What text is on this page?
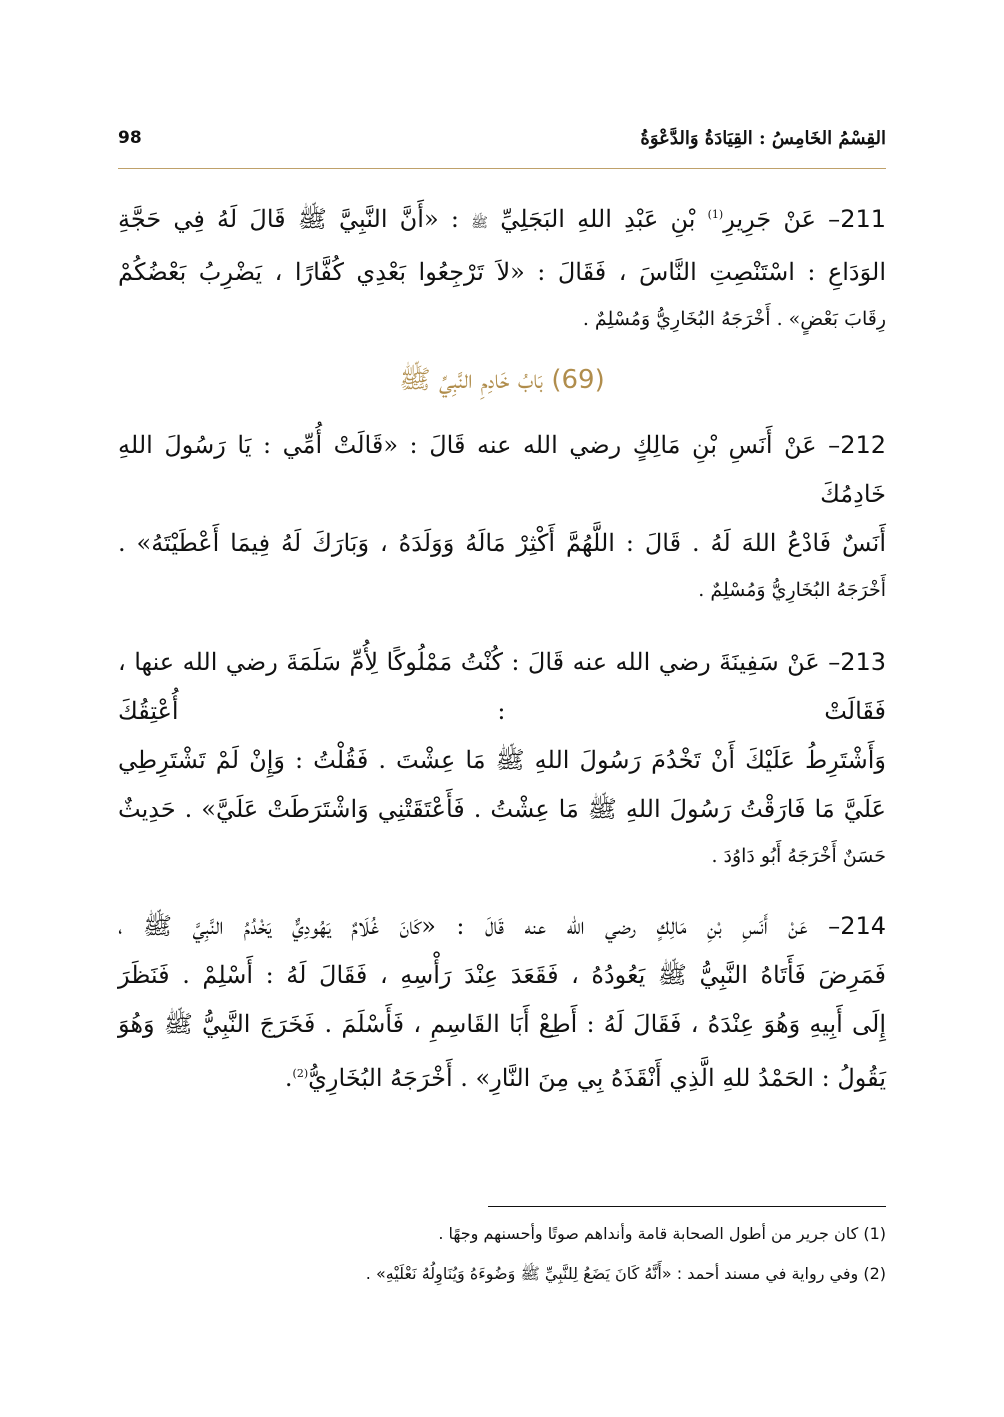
98	القِسْمُ الخَامِسُ : القِيَادَةُ وَالدَّعْوَةُ
211– عَنْ جَرِيرِ$^{(1)}$ بْنِ عَبْدِ اللهِ البَجَلِيِّ ﷺ : «أَنَّ النَّبِيَّ ﷺ قَالَ لَهُ فِي حَجَّةِ
الوَدَاعِ : اسْتَنْصِتِ النَّاسَ ، فَقَالَ : «لاَ تَرْجِعُوا بَعْدِي كُفَّارًا ، يَضْرِبُ بَعْضُكُمْ
رِقَابَ بَعْضٍ» . أَخْرَجَهُ البُخَارِيُّ وَمُسْلِمٌ .
(69) بَابُ خَادِمِ النَّبِيِّ ﷺ
212– عَنْ أَنَسِ بْنِ مَالِكٍ رضي الله عنه قَالَ : «قَالَتْ أُمِّي : يَا رَسُولَ اللهِ خَادِمُكَ
أَنَسٌ فَادْعُ اللهَ لَهُ . قَالَ : اللَّهُمَّ أَكْثِرْ مَالَهُ وَوَلَدَهُ ، وَبَارَكَ لَهُ فِيمَا أَعْطَيْتَهُ» .
أَخْرَجَهُ البُخَارِيُّ وَمُسْلِمٌ .
213– عَنْ سَفِينَةَ رضي الله عنه قَالَ : كُنْتُ مَمْلُوكًا لِأُمِّ سَلَمَةَ رضي الله عنها ، فَقَالَتْ : أُعْتِقُكَ
وَأَشْتَرِطُ عَلَيْكَ أَنْ تَخْدُمَ رَسُولَ اللهِ ﷺ مَا عِشْتَ . فَقُلْتُ : وَإِنْ لَمْ تَشْتَرِطِي
عَلَيَّ مَا فَارَقْتُ رَسُولَ اللهِ ﷺ مَا عِشْتُ . فَأَعْتَقَتْنِي وَاشْتَرَطَتْ عَلَيَّ» . حَدِيثٌ
حَسَنٌ أَخْرَجَهُ أَبُو دَاوُدَ .
214– عَنْ أَنَسِ بْنِ مَالِكٍ رضي الله عنه قَالَ : «كَانَ غُلَامٌ يَهُودِيٌّ يَخْدُمُ النَّبِيَّ ﷺ ،
فَمَرِضَ فَأَتَاهُ النَّبِيُّ ﷺ يَعُودُهُ ، فَقَعَدَ عِنْدَ رَأْسِهِ ، فَقَالَ لَهُ : أَسْلِمْ . فَنَظَرَ
إِلَى أَبِيهِ وَهُوَ عِنْدَهُ ، فَقَالَ لَهُ : أَطِعْ أَبَا القَاسِمِ ، فَأَسْلَمَ . فَخَرَجَ النَّبِيُّ ﷺ وَهُوَ
يَقُولُ : الحَمْدُ للهِ الَّذِي أَنْقَذَهُ بِي مِنَ النَّارِ» . أَخْرَجَهُ البُخَارِيُّ$^{(2)}$.
(1) كان جرير من أطول الصحابة قامة وأنداهم صوتًا وأحسنهم وجهًا .
(2) وفي رواية في مسند أحمد : «أَنَّهُ كَانَ يَضَعُ لِلنَّبِيِّ ﷺ وَضُوءَهُ وَيُنَاوِلُهُ نَعْلَيْهِ» .
